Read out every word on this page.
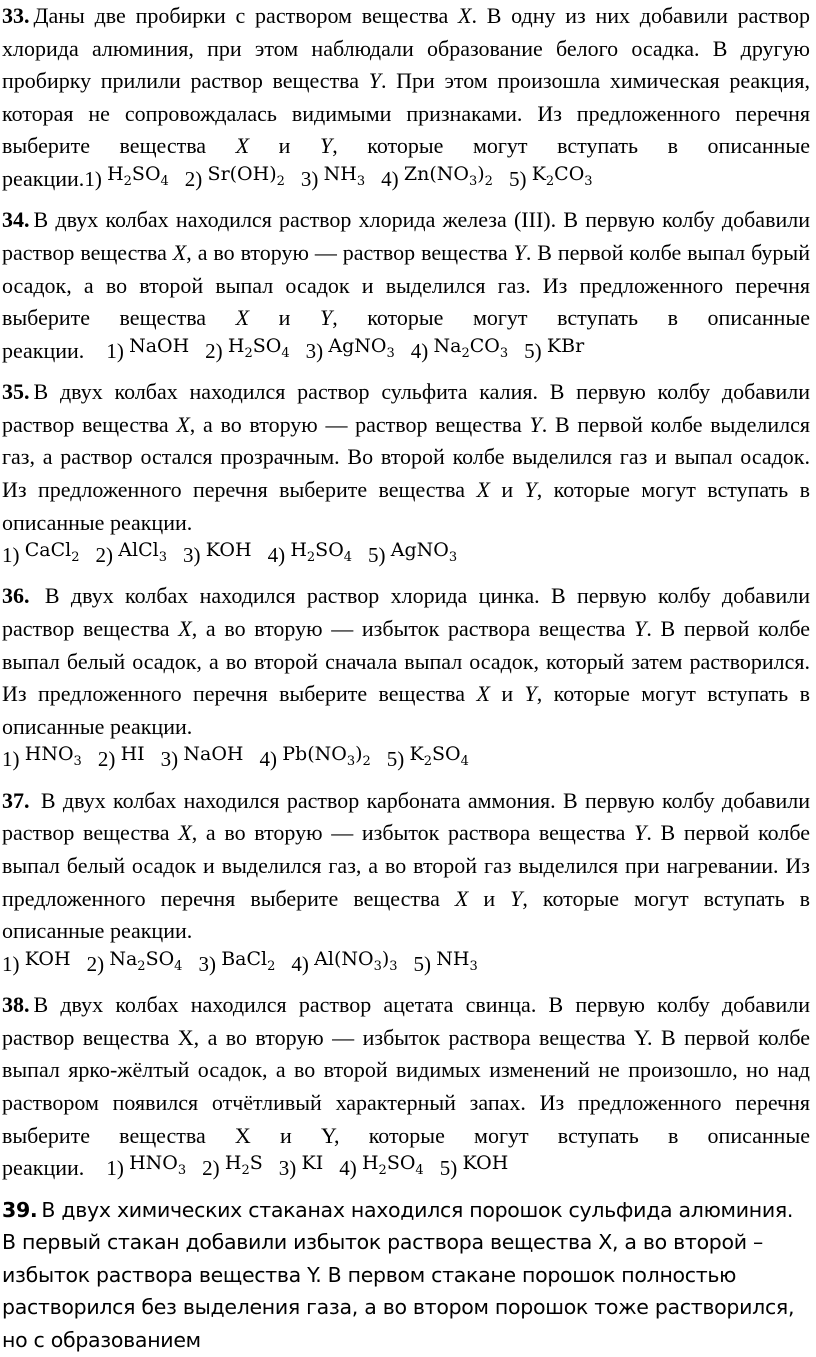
33. Даны две пробирки с раствором вещества X. В одну из них добавили раствор хлорида алюминия, при этом наблюдали образование белого осадка. В другую пробирку прилили раствор вещества Y. При этом произошла химическая реакция, которая не сопровождалась видимыми признаками. Из предложенного перечня выберите вещества X и Y, которые могут вступать в описанные реакции.1) $H_2SO_4$ 2) $Sr(OH)_2$ 3) $NH_3$ 4) $Zn(NO_3)_2$ 5) $K_2CO_3$

34. В двух колбах находился раствор хлорида железа (III). В первую колбу добавили раствор вещества X, а во вторую — раствор вещества Y. В первой колбе выпал бурый осадок, а во второй выпал осадок и выделился газ. Из предложенного перечня выберите вещества X и Y, которые могут вступать в описанные реакции. 1) NaOH 2) $H_2SO_4$ 3) AgNO$_3$ 4) $Na_2CO_3$ 5) KBr

35. В двух колбах находился раствор сульфита калия. В первую колбу добавили раствор вещества X, а во вторую — раствор вещества Y. В первой колбе выделился газ, а раствор остался прозрачным. Во второй колбе выделился газ и выпал осадок. Из предложенного перечня выберите вещества X и Y, которые могут вступать в описанные реакции.
1) CaCl$_2$ 2) AlCl$_3$ 3) KOH 4) $H_2SO_4$ 5) AgNO$_3$

36. В двух колбах находился раствор хлорида цинка. В первую колбу добавили раствор вещества X, а во вторую — избыток раствора вещества Y. В первой колбе выпал белый осадок, а во второй сначала выпал осадок, который затем растворился. Из предложенного перечня выберите вещества X и Y, которые могут вступать в описанные реакции.
1) $HNO_3$ 2) HI 3) NaOH 4) $Pb(NO_3)_2$ 5) $K_2SO_4$

37. В двух колбах находился раствор карбоната аммония. В первую колбу добавили раствор вещества X, а во вторую — избыток раствора вещества Y. В первой колбе выпал белый осадок и выделился газ, а во второй газ выделился при нагревании. Из предложенного перечня выберите вещества X и Y, которые могут вступать в описанные реакции.
1) KOH 2) $Na_2SO_4$ 3) BaCl$_2$ 4) $Al(NO_3)_3$ 5) $NH_3$

38. В двух колбах находился раствор ацетата свинца. В первую колбу добавили раствор вещества X, а во вторую — избыток раствора вещества Y. В первой колбе выпал ярко-жёлтый осадок, а во второй видимых изменений не произошло, но над раствором появился отчётливый характерный запах. Из предложенного перечня выберите вещества X и Y, которые могут вступать в описанные реакции. 1) $HNO_3$ 2) $H_2S$ 3) KI 4) $H_2SO_4$ 5) KOH

39. В двух химических стаканах находился порошок сульфида алюминия. В первый стакан добавили избыток раствора вещества X, а во второй – избыток раствора вещества Y. В первом стакане порошок полностью растворился без выделения газа, а во втором порошок тоже растворился, но с образованием
